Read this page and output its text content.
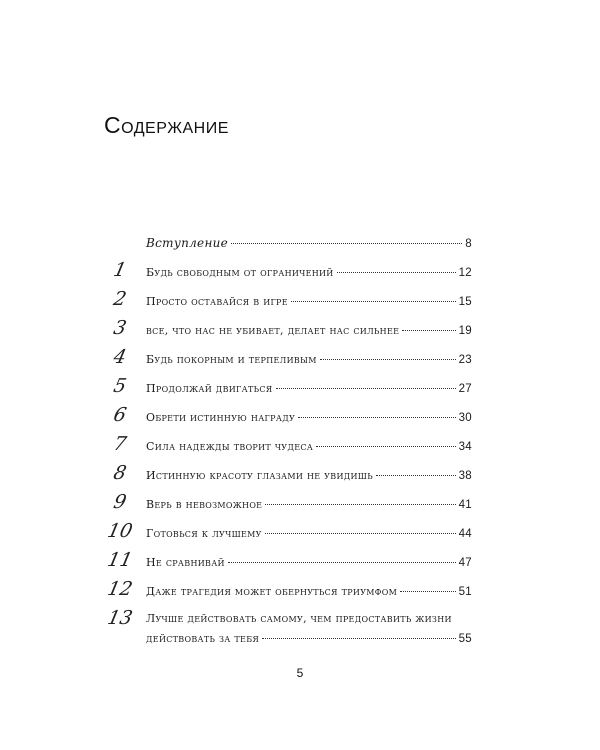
Содержание
Вступление	8
1	Будь свободным от ограничений	12
2	Просто оставайся в игре	15
3	все, что нас не убивает, делает нас сильнее	19
4	Будь покорным и терпеливым	23
5	Продолжай двигаться	27
6	Обрети истинную награду	30
7	Сила надежды творит чудеса	34
8	Истинную красоту глазами не увидишь	38
9	Верь в невозможное	41
10 Готовься к лучшему	44
11 Не сравнивай	47
12 Даже трагедия может обернуться триумфом	51
13 Лучше действовать самому, чем предоставить жизни
действовать за тебя	55
5
